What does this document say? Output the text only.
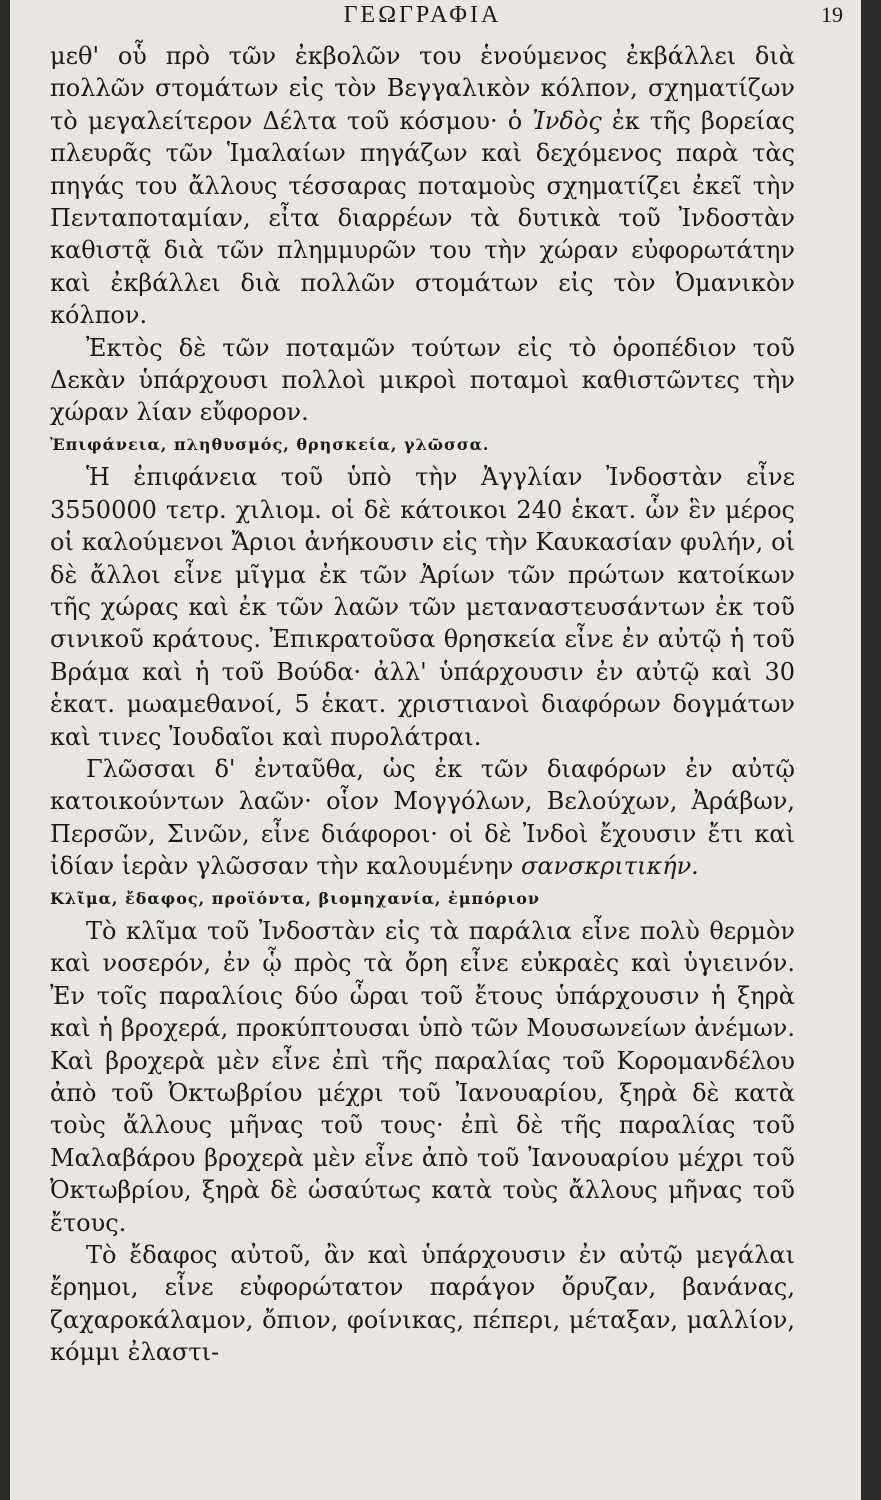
ΓΕΩΓΡΑΦΙΑ	19

μεθ' οὗ πρὸ τῶν ἐκβολῶν του ἑνούμενος ἐκβάλλει διὰ πολλῶν στομάτων εἰς τὸν Βεγγαλικὸν κόλπον, σχηματίζων τὸ μεγαλείτερον Δέλτα τοῦ κόσμου· ὁ Ἰνδὸς ἐκ τῆς βορείας πλευρᾶς τῶν Ἱμαλαίων πηγάζων καὶ δεχόμενος παρὰ τὰς πηγάς του ἄλλους τέσσαρας ποταμοὺς σχηματίζει ἐκεῖ τὴν Πενταποταμίαν, εἶτα διαρρέων τὰ δυτικὰ τοῦ Ἰνδοστὰν καθιστᾷ διὰ τῶν πλημμυρῶν του τὴν χώραν εὐφορωτάτην καὶ ἐκβάλλει διὰ πολλῶν στομάτων εἰς τὸν Ὀμανικὸν κόλπον.

Ἐκτὸς δὲ τῶν ποταμῶν τούτων εἰς τὸ ὀροπέδιον τοῦ Δεκὰν ὑπάρχουσι πολλοὶ μικροὶ ποταμοὶ καθιστῶντες τὴν χώραν λίαν εὔφορον.

Ἐπιφάνεια, πληθυσμός, θρησκεία, γλῶσσα.

Ἡ ἐπιφάνεια τοῦ ὑπὸ τὴν Ἀγγλίαν Ἰνδοστὰν εἶνε 3550000 τετρ. χιλιομ. οἱ δὲ κάτοικοι 240 ἑκατ. ὧν ἓν μέρος οἱ καλούμενοι Ἄριοι ἀνήκουσιν εἰς τὴν Καυκασίαν φυλήν, οἱ δὲ ἄλλοι εἶνε μῖγμα ἐκ τῶν Ἀρίων τῶν πρώτων κατοίκων τῆς χώρας καὶ ἐκ τῶν λαῶν τῶν μεταναστευσάντων ἐκ τοῦ σινικοῦ κράτους. Ἐπικρατοῦσα θρησκεία εἶνε ἐν αὐτῷ ἡ τοῦ Βράμα καὶ ἡ τοῦ Βούδα· ἀλλ' ὑπάρχουσιν ἐν αὐτῷ καὶ 30 ἑκατ. μωαμεθανοί, 5 ἑκατ. χριστιανοὶ διαφόρων δογμάτων καὶ τινες Ἰουδαῖοι καὶ πυρολάτραι.

Γλῶσσαι δ' ἐνταῦθα, ὡς ἐκ τῶν διαφόρων ἐν αὐτῷ κατοικούντων λαῶν· οἷον Μογγόλων, Βελούχων, Ἀράβων, Περσῶν, Σινῶν, εἶνε διάφοροι· οἱ δὲ Ἰνδοὶ ἔχουσιν ἔτι καὶ ἰδίαν ἱερὰν γλῶσσαν τὴν καλουμένην σανσκριτικήν.

Κλῖμα, ἔδαφος, προϊόντα, βιομηχανία, ἐμπόριον

Τὸ κλῖμα τοῦ Ἰνδοστὰν εἰς τὰ παράλια εἶνε πολὺ θερμὸν καὶ νοσερόν, ἐν ᾧ πρὸς τὰ ὄρη εἶνε εὐκραὲς καὶ ὑγιεινόν. Ἐν τοῖς παραλίοις δύο ὧραι τοῦ ἔτους ὑπάρχουσιν ἡ ξηρὰ καὶ ἡ βροχερά, προκύπτουσαι ὑπὸ τῶν Μουσωνείων ἀνέμων. Καὶ βροχερὰ μὲν εἶνε ἐπὶ τῆς παραλίας τοῦ Κορομανδέλου ἀπὸ τοῦ Ὀκτωβρίου μέχρι τοῦ Ἰανουαρίου, ξηρὰ δὲ κατὰ τοὺς ἄλλους μῆνας τοῦ τους· ἐπὶ δὲ τῆς παραλίας τοῦ Μαλαβάρου βροχερὰ μὲν εἶνε ἀπὸ τοῦ Ἰανουαρίου μέχρι τοῦ Ὀκτωβρίου, ξηρὰ δὲ ὡσαύτως κατὰ τοὺς ἄλλους μῆνας τοῦ ἔτους.

Τὸ ἔδαφος αὐτοῦ, ἂν καὶ ὑπάρχουσιν ἐν αὐτῷ μεγάλαι ἔρημοι, εἶνε εὐφορώτατον παράγον ὄρυζαν, βανάνας, ζαχαροκάλαμον, ὄπιον, φοίνικας, πέπερι, μέταξαν, μαλλίον, κόμμι ἐλαστι-
